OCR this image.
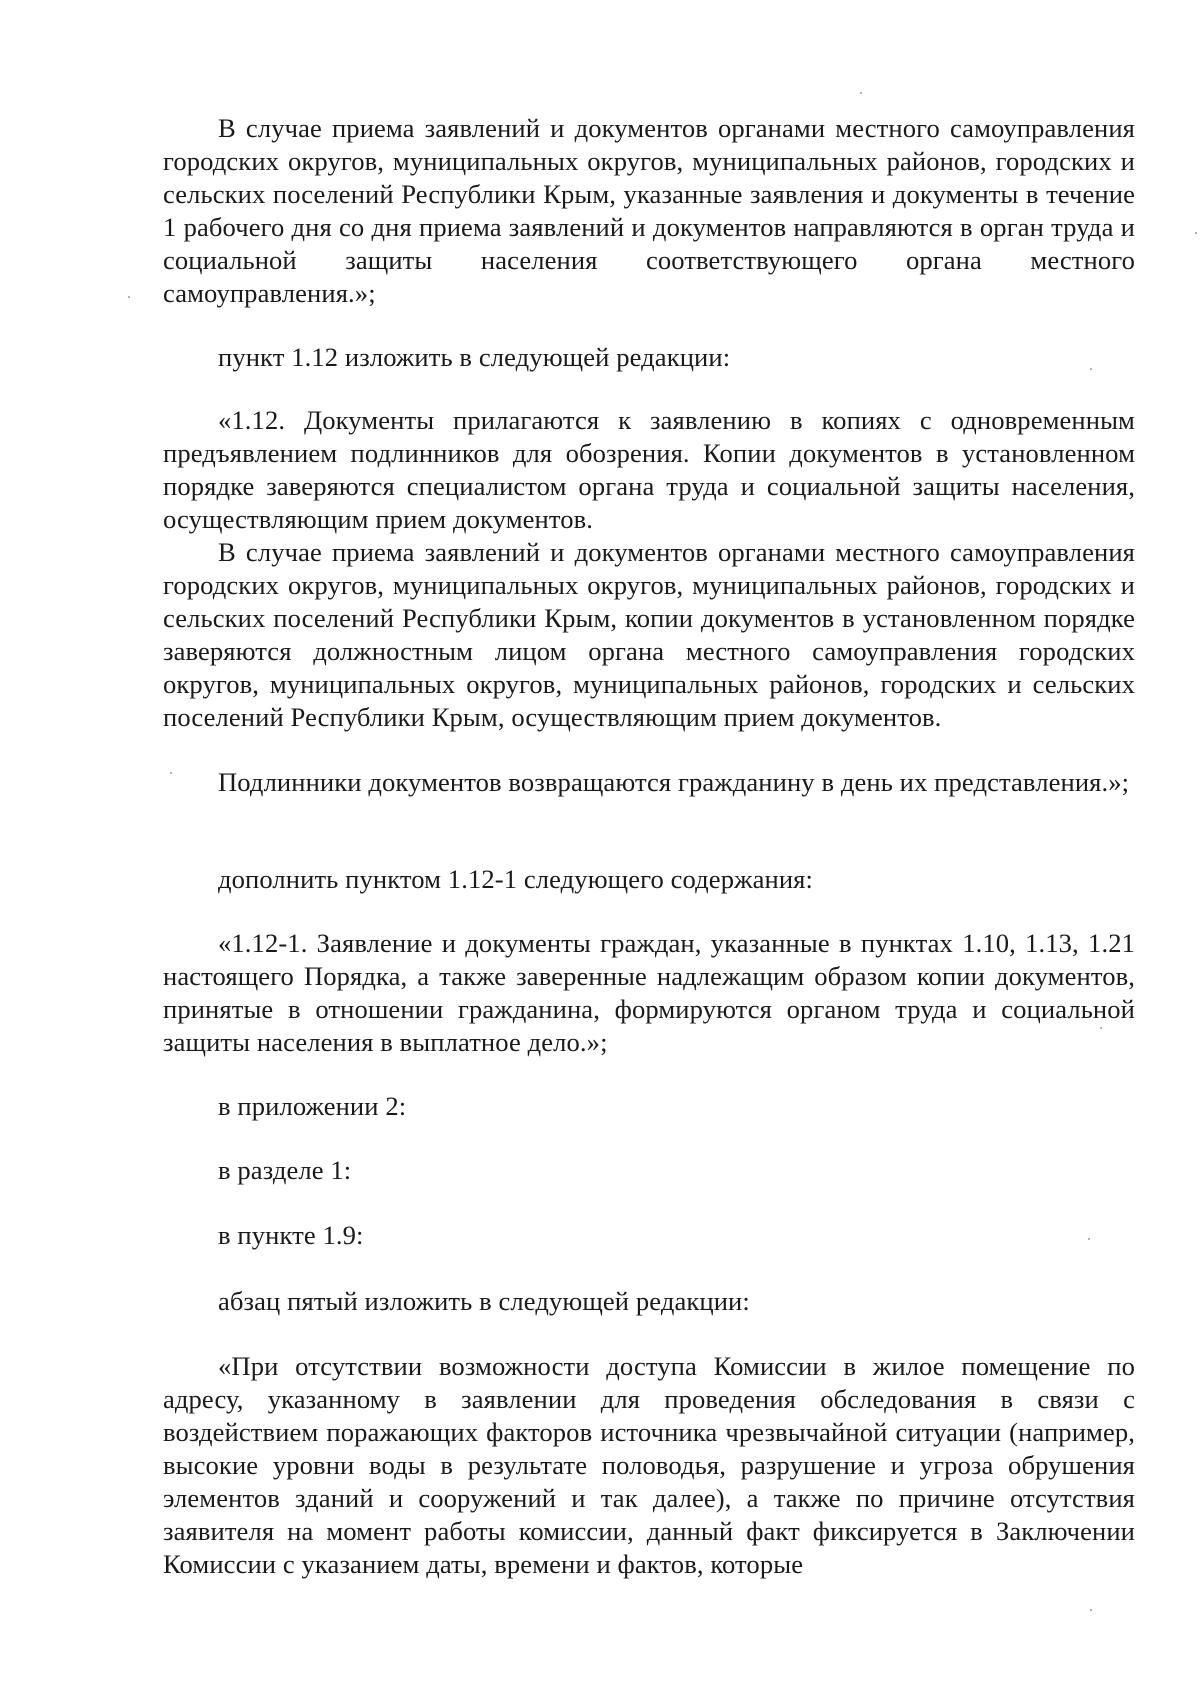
В случае приема заявлений и документов органами местного самоуправления городских округов, муниципальных округов, муниципальных районов, городских и сельских поселений Республики Крым, указанные заявления и документы в течение 1 рабочего дня со дня приема заявлений и документов направляются в орган труда и социальной защиты населения соответствующего органа местного самоуправления.»;

пункт 1.12 изложить в следующей редакции:

«1.12. Документы прилагаются к заявлению в копиях с одновременным предъявлением подлинников для обозрения. Копии документов в установленном порядке заверяются специалистом органа труда и социальной защиты населения, осуществляющим прием документов.

В случае приема заявлений и документов органами местного самоуправления городских округов, муниципальных округов, муниципальных районов, городских и сельских поселений Республики Крым, копии документов в установленном порядке заверяются должностным лицом органа местного самоуправления городских округов, муниципальных округов, муниципальных районов, городских и сельских поселений Республики Крым, осуществляющим прием документов.

Подлинники документов возвращаются гражданину в день их представления.»;

дополнить пунктом 1.12-1 следующего содержания:

«1.12-1. Заявление и документы граждан, указанные в пунктах 1.10, 1.13, 1.21 настоящего Порядка, а также заверенные надлежащим образом копии документов, принятые в отношении гражданина, формируются органом труда и социальной защиты населения в выплатное дело.»;

в приложении 2:

в разделе 1:

в пункте 1.9:

абзац пятый изложить в следующей редакции:

«При отсутствии возможности доступа Комиссии в жилое помещение по адресу, указанному в заявлении для проведения обследования в связи с воздействием поражающих факторов источника чрезвычайной ситуации (например, высокие уровни воды в результате половодья, разрушение и угроза обрушения элементов зданий и сооружений и так далее), а также по причине отсутствия заявителя на момент работы комиссии, данный факт фиксируется в Заключении Комиссии с указанием даты, времени и фактов, которые
